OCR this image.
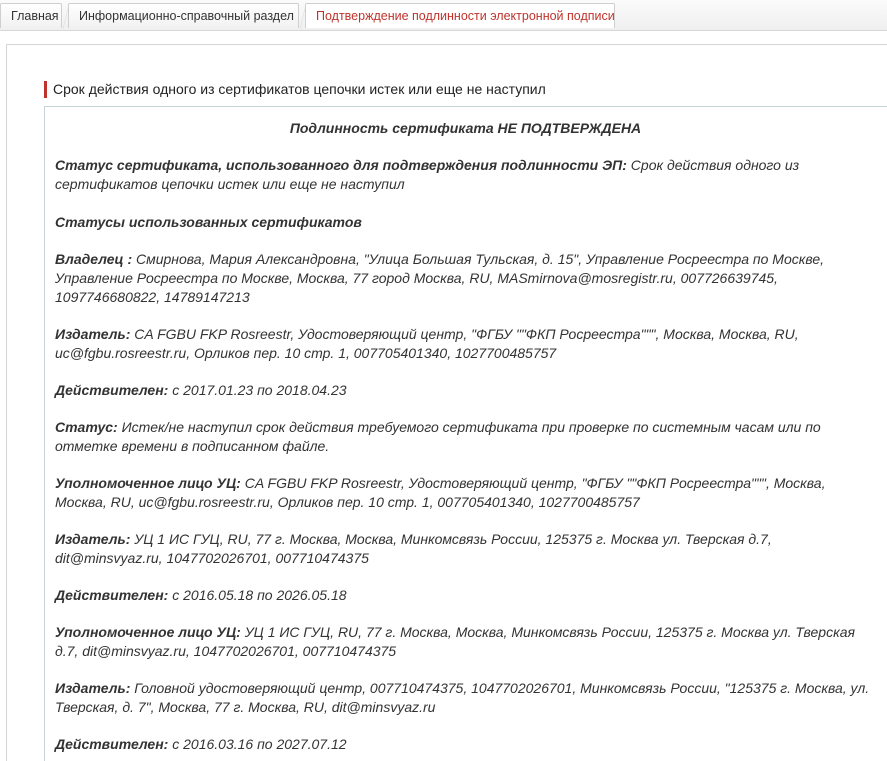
Главная	Информационно-справочный раздел	Подтверждение подлинности электронной подписи
Срок действия одного из сертификатов цепочки истек или еще не наступил
Подлинность сертификата НЕ ПОДТВЕРЖДЕНА
Статус сертификата, использованного для подтверждения подлинности ЭП: Срок действия одного из сертификатов цепочки истек или еще не наступил
Статусы использованных сертификатов
Владелец : Смирнова, Мария Александровна, "Улица Большая Тульская, д. 15", Управление Росреестра по Москве, Управление Росреестра по Москве, Москва, 77 город Москва, RU, MASmirnova@mosregistr.ru, 007726639745, 1097746680822, 14789147213
Издатель: CA FGBU FKP Rosreestr, Удостоверяющий центр, "ФГБУ ""ФКП Росреестра""", Москва, Москва, RU, uc@fgbu.rosreestr.ru, Орликов пер. 10 стр. 1, 007705401340, 1027700485757
Действителен: с 2017.01.23 по 2018.04.23
Статус: Истек/не наступил срок действия требуемого сертификата при проверке по системным часам или по отметке времени в подписанном файле.
Уполномоченное лицо УЦ: CA FGBU FKP Rosreestr, Удостоверяющий центр, "ФГБУ ""ФКП Росреестра""", Москва, Москва, RU, uc@fgbu.rosreestr.ru, Орликов пер. 10 стр. 1, 007705401340, 1027700485757
Издатель: УЦ 1 ИС ГУЦ, RU, 77 г. Москва, Москва, Минкомсвязь России, 125375 г. Москва ул. Тверская д.7, dit@minsvyaz.ru, 1047702026701, 007710474375
Действителен: с 2016.05.18 по 2026.05.18
Уполномоченное лицо УЦ: УЦ 1 ИС ГУЦ, RU, 77 г. Москва, Москва, Минкомсвязь России, 125375 г. Москва ул. Тверская д.7, dit@minsvyaz.ru, 1047702026701, 007710474375
Издатель: Головной удостоверяющий центр, 007710474375, 1047702026701, Минкомсвязь России, "125375 г. Москва, ул. Тверская, д. 7", Москва, 77 г. Москва, RU, dit@minsvyaz.ru
Действителен: с 2016.03.16 по 2027.07.12
